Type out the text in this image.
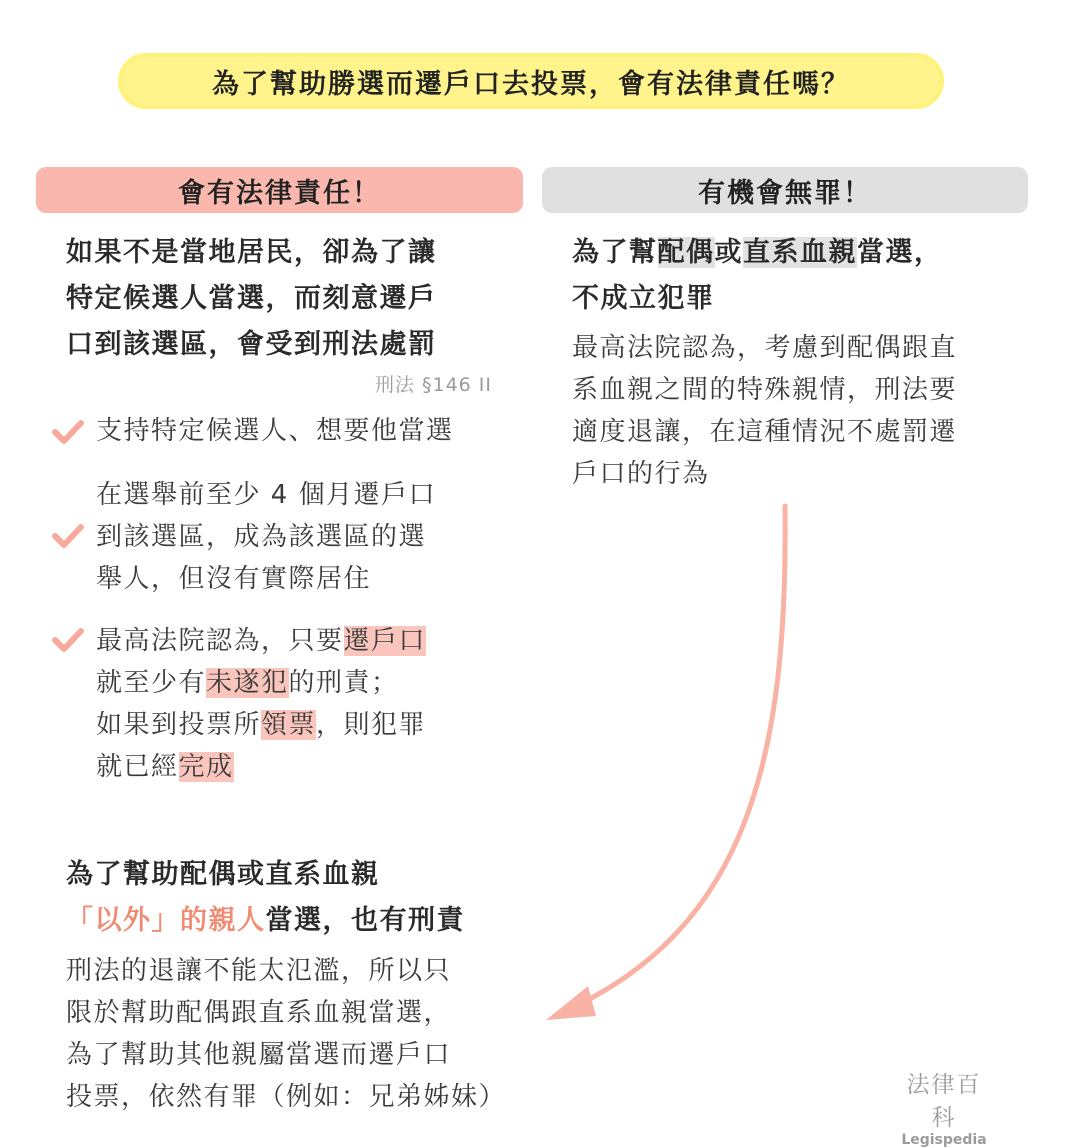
為了幫助勝選而遷戶口去投票，會有法律責任嗎？
會有法律責任！	有機會無罪！
如果不是當地居民，卻為了讓
特定候選人當選，而刻意遷戶
口到該選區，會受到刑法處罰
刑法 §146 II
支持特定候選人、想要他當選
在選舉前至少 4 個月遷戶口
到該選區，成為該選區的選
舉人，但沒有實際居住
最高法院認為，只要遷戶口
就至少有未遂犯的刑責；
如果到投票所領票，則犯罪
就已經完成
為了幫配偶或直系血親當選，
不成立犯罪
最高法院認為，考慮到配偶跟直
系血親之間的特殊親情，刑法要
適度退讓，在這種情況不處罰遷
戶口的行為
為了幫助配偶或直系血親
「以外」的親人當選，也有刑責
刑法的退讓不能太氾濫，所以只
限於幫助配偶跟直系血親當選，
為了幫助其他親屬當選而遷戶口
投票，依然有罪（例如：兄弟姊妹）	法律百科
Legispedia
